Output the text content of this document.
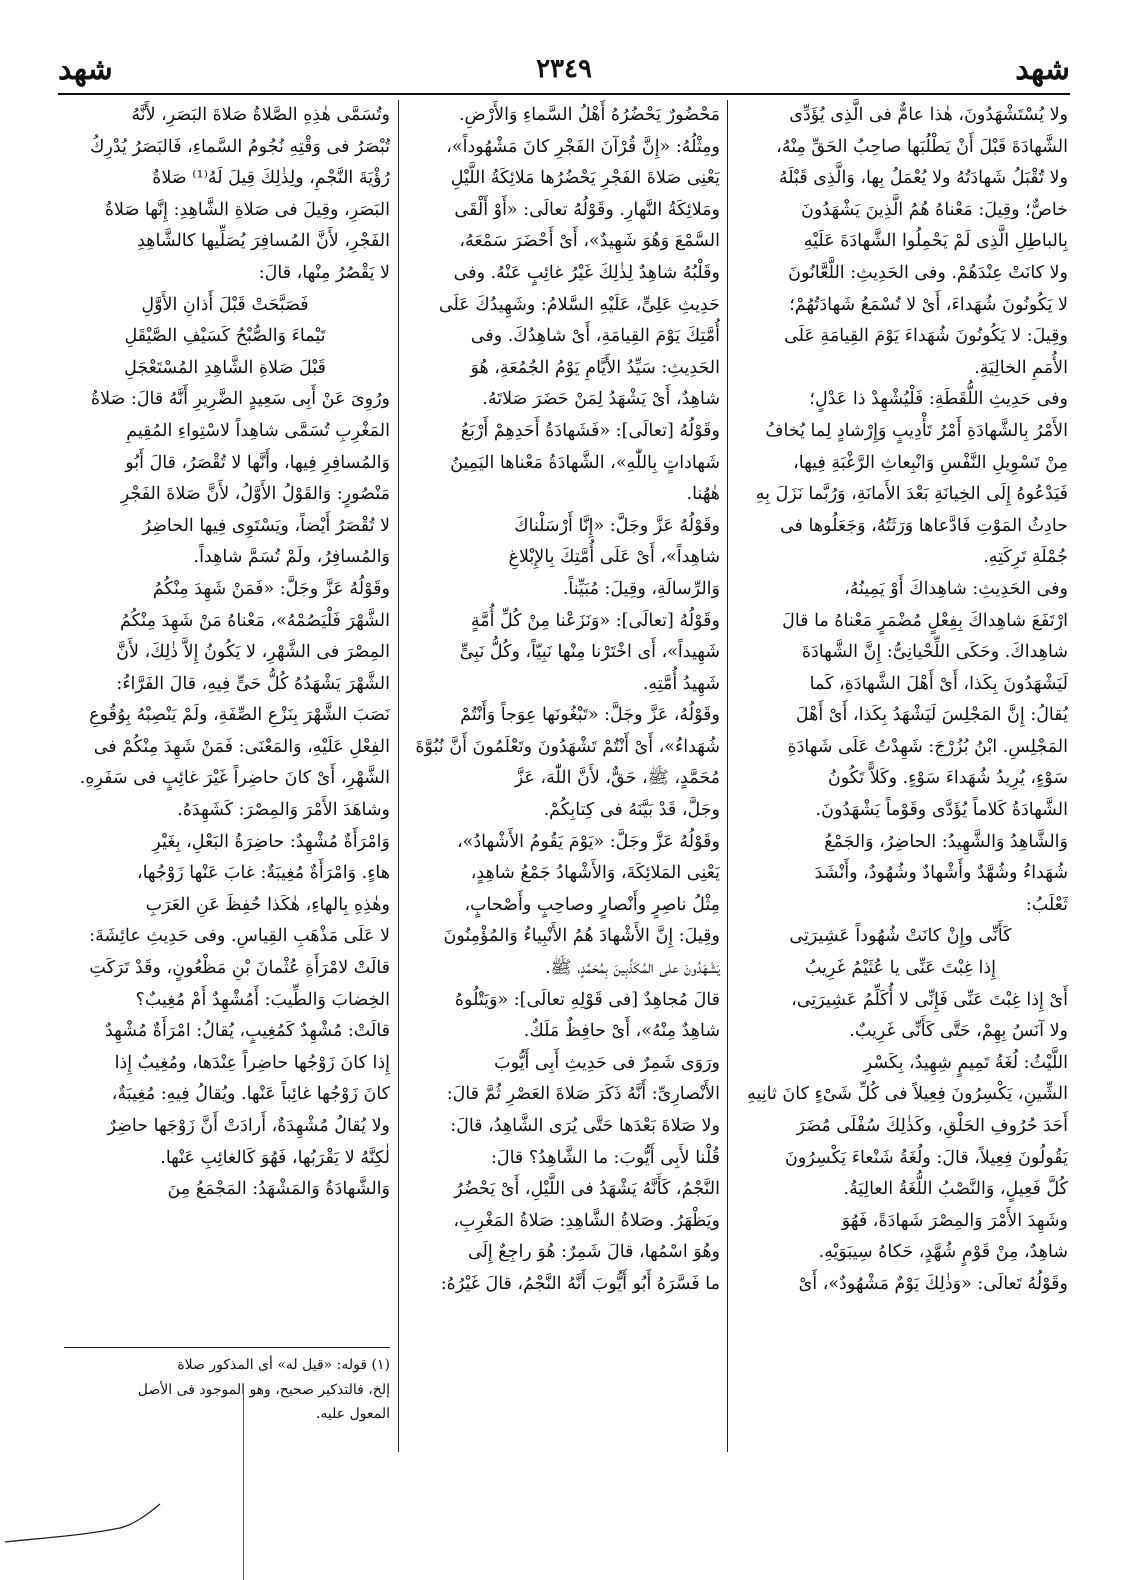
شهد	٢٣٤٩	شهد

ولا يُسْتَشْهَدُونَ، هٰذا عامٌّ فى الَّذِى يُؤَدِّى

الشَّهادَةَ قَبْلَ أَنْ يَطْلُبَها صاحِبُ الحَقِّ مِنْهُ،

ولا تُقْبَلُ شَهادَتُهُ ولا يُعْمَلُ بِها، وَالَّذِى قَبْلَهُ

خاصٌّ؛ وقِيلَ: مَعْناهُ هُمُ الَّذِينَ يَشْهَدُونَ

بِالباطِلِ الَّذِى لَمْ يَحْمِلُوا الشَّهادَةَ عَلَيْهِ

ولا كانَتْ عِنْدَهُمْ. وفى الحَدِيثِ: اللَّعَّانُونَ

لا يَكُونُونَ شُهَداءَ، أَىْ لا تُسْمَعُ شَهادَتُهُمْ؛

وقِيلَ: لا يَكُونُونَ شُهَداءَ يَوْمَ القِيامَةِ عَلَى

الأُمَمِ الخالِيَةِ.

وفى حَدِيثِ اللُّقَطَةِ: فَلْيُشْهِدْ ذا عَدْلٍ؛

الأَمْرُ بِالشَّهادَةِ أَمْرُ تَأْدِيبٍ وَإِرْشادٍ لِما يُخافُ

مِنْ تَسْوِيلِ النَّفْسِ وَانْبِعاثِ الرَّغْبَةِ فِيها،

فَيَدْعُوهُ إِلَى الخِيانَةِ بَعْدَ الأَمانَةِ، وَرُبَّما نَزَلَ بِهِ

حادِثُ المَوْتِ فَادَّعاها وَرَثَتُهُ، وَجَعَلُوها فى

جُمْلَةِ تَرِكَتِهِ.

وفى الحَدِيثِ: شاهِداكَ أَوْ يَمِينُهُ،

ارْتَفَعَ شاهِداكَ بِفِعْلٍ مُضْمَرٍ مَعْناهُ ما قالَ

شاهِداكَ. وحَكَى اللِّحْيانِىُّ: إِنَّ الشَّهادَةَ

لَيَشْهَدُونَ بِكَذا، أَىْ أَهْلَ الشَّهادَةِ، كَما

يُقالُ: إِنَّ المَجْلِسَ لَيَشْهَدُ بِكَذا، أَىْ أَهْلَ

المَجْلِسِ. ابْنُ بُزُرْجَ: شَهِدْتُ عَلَى شَهادَةِ

سَوْءٍ، يُرِيدُ شُهَداءَ سَوْءٍ. وكَلاًّ تَكُونُ

الشَّهادَةُ كَلاماً يُؤَدَّى وقَوْماً يَشْهَدُونَ.

وَالشَّاهِدُ وَالشَّهِيدُ: الحاضِرُ، وَالجَمْعُ

شُهَداءُ وشُهَّدٌ وأَشْهادٌ وشُهُودٌ، وأَنْشَدَ

ثَعْلَبُ:

كَأَنِّى وإِنْ كانَتْ شُهُوداً عَشِيرَتِى

إِذا غِبْتَ عَنِّى يا عُثَيْمُ غَرِيبُ

أَىْ إِذا غِبْتَ عَنِّى فَإِنِّى لا أُكَلِّمُ عَشِيرَتِى،

ولا آنَسُ بِهِمْ، حَتَّى كَأَنِّى غَرِيبٌ.

اللَّيْثُ: لُغَةُ تَمِيمٍ شِهِيدٌ، بِكَسْرِ

الشِّينِ، يَكْسِرُونَ فِعِيلاً فى كُلِّ شَىْءٍ كانَ ثانِيهِ

أَحَدَ حُرُوفِ الحَلْقِ، وكَذٰلِكَ سُفْلَى مُضَرَ

يَقُولُونَ فِعِيلاً، قالَ: ولُغَةُ شَنْعاءَ يَكْسِرُونَ

كُلَّ فَعِيلٍ، وَالنَّصْبُ اللُّغَةُ العالِيَةُ.

وشَهِدَ الأَمْرَ وَالمِصْرَ شَهادَةً، فَهُوَ

شاهِدٌ، مِنْ قَوْمٍ شُهَّدٍ، حَكاهُ سِيبَوَيْهِ.

وقَوْلُهُ تَعالَى: «وَذٰلِكَ يَوْمٌ مَشْهُودٌ»، أَىْ

مَحْضُورٌ يَحْضُرُهُ أَهْلُ السَّماءِ وَالأَرْضِ.

ومِثْلُهُ: «إِنَّ قُرْآنَ الفَجْرِ كانَ مَشْهُوداً»،

يَعْنِى صَلاةَ الفَجْرِ يَحْضُرُها مَلائِكَةُ اللَّيْلِ

ومَلائِكَةُ النَّهارِ. وقَوْلُهُ تعالَى: «أَوْ أَلْقَى

السَّمْعَ وَهُوَ شَهِيدٌ»، أَىْ أَحْضَرَ سَمْعَهُ،

وقَلْبُهُ شاهِدٌ لِذٰلِكَ غَيْرُ غائِبٍ عَنْهُ. وفى

حَدِيثِ عَلِىٍّ، عَلَيْهِ السَّلامُ: وشَهِيدُكَ عَلَى

أُمَّتِكَ يَوْمَ القِيامَةِ، أَىْ شاهِدُكَ. وفى

الحَدِيثِ: سَيِّدُ الأَيَّامِ يَوْمُ الجُمُعَةِ، هُوَ

شاهِدٌ، أَىْ يَشْهَدُ لِمَنْ حَضَرَ صَلاتَهُ.

وقَوْلُهُ [تعالَى]: «فَشَهادَةُ أَحَدِهِمْ أَرْبَعُ

شَهاداتٍ بِاللّٰهِ»، الشَّهادَةُ مَعْناها اليَمِينُ

هٰهُنا.

وقَوْلُهُ عَزَّ وجَلَّ: «إِنَّا أَرْسَلْناكَ

شاهِداً»، أَىْ عَلَى أُمَّتِكَ بِالإِبْلاغِ

وَالرِّسالَةِ، وقِيلَ: مُبَيِّناً.

وقَوْلُهُ [تعالَى]: «وَنَزَعْنا مِنْ كُلِّ أُمَّةٍ

شَهِيداً»، أَى اخْتَرْنا مِنْها نَبِيّاً، وكُلُّ نَبِىٍّ

شَهِيدُ أُمَّتِهِ.

وقَوْلُهُ، عَزَّ وجَلَّ: «تَبْغُونَها عِوَجاً وَأَنْتُمْ

شُهَداءُ»، أَىْ أَنْتُمْ تَشْهَدُونَ وتَعْلَمُونَ أَنَّ نُبُوَّةَ

مُحَمَّدٍ، ﷺ، حَقٌّ، لأَنَّ اللّٰهَ، عَزَّ

وجَلَّ، قَدْ بَيَّنَهُ فى كِتابِكُمْ.

وقَوْلُهُ عَزَّ وجَلَّ: «يَوْمَ يَقُومُ الأَشْهادُ»،

يَعْنِى المَلائِكَةَ، وَالأَشْهادُ جَمْعُ شاهِدٍ،

مِثْلُ ناصِرٍ وأَنْصارٍ وصاحِبٍ وأَصْحابٍ،

وقِيلَ: إِنَّ الأَشْهادَ هُمُ الأَنْبِياءُ وَالمُؤْمِنُونَ

يَشْهَدُونَ على المُكَذِّبِينَ بِمُحَمَّدٍ، ﷺ.

قالَ مُجاهِدٌ [فى قَوْلِهِ تعالَى]: «وَيَتْلُوهُ

شاهِدٌ مِنْهُ»، أَىْ حافِظٌ مَلَكٌ.

ورَوَى شَمِرٌ فى حَدِيثِ أَبِى أَيُّوبَ

الأَنْصارِىِّ: أَنَّهُ ذَكَرَ صَلاةَ العَصْرِ ثُمَّ قالَ:

ولا صَلاةَ بَعْدَها حَتَّى يُرَى الشَّاهِدُ، قالَ:

قُلْنا لأَبِى أَيُّوبَ: ما الشَّاهِدُ؟ قالَ:

النَّجْمُ، كَأَنَّهُ يَشْهَدُ فى اللَّيْلِ، أَىْ يَحْضُرُ

ويَظْهَرُ. وصَلاةُ الشَّاهِدِ: صَلاةُ المَغْرِبِ،

وهُوَ اسْمُها، قالَ شَمِرٌ: هُوَ راجِعٌ إِلَى

ما فَسَّرَهُ أَبُو أَيُّوبَ أَنَّهُ النَّجْمُ، قالَ غَيْرُهُ:

وتُسَمَّى هٰذِهِ الصَّلاةُ صَلاةَ البَصَرِ، لأَنَّهُ

تُبْصَرُ فى وَقْتِهِ نُجُومُ السَّماءِ، فَالبَصَرُ يُدْرِكُ

رُؤْيَةَ النَّجْمِ، ولِذٰلِكَ قِيلَ لَهُ⁽¹⁾ صَلاةُ

البَصَرِ، وقِيلَ فى صَلاةِ الشَّاهِدِ: إِنَّها صَلاةُ

الفَجْرِ، لأَنَّ المُسافِرَ يُصَلِّيها كالشَّاهِدِ

لا يَقْصُرُ مِنْها، قالَ:

فَصَبَّحَتْ قَبْلَ أَذانِ الأَوَّلِ

تَيْماءَ وَالصُّبْحُ كَسَيْفِ الصَّيْقَلِ

قَبْلَ صَلاةِ الشَّاهِدِ المُسْتَعْجَلِ

ورُوِىَ عَنْ أَبِى سَعِيدٍ الضَّرِيرِ أَنَّهُ قالَ: صَلاةُ

المَغْرِبِ تُسَمَّى شاهِداً لاسْتِواءِ المُقِيمِ

وَالمُسافِرِ فِيها، وأَنَّها لا تُقْصَرُ، قالَ أَبُو

مَنْصُورٍ: وَالقَوْلُ الأَوَّلُ، لأَنَّ صَلاةَ الفَجْرِ

لا تُقْصَرُ أَيْضاً، ويَسْتَوِى فِيها الحاضِرُ

وَالمُسافِرُ، ولَمْ تُسَمَّ شاهِداً.

وقَوْلُهُ عَزَّ وجَلَّ: «فَمَنْ شَهِدَ مِنْكُمُ

الشَّهْرَ فَلْيَصُمْهُ»، مَعْناهُ مَنْ شَهِدَ مِنْكُمُ

المِصْرَ فى الشَّهْرِ، لا يَكُونُ إِلاَّ ذٰلِكَ، لأَنَّ

الشَّهْرَ يَشْهَدُهُ كُلُّ حَىٍّ فِيهِ، قالَ الفَرَّاءُ:

نَصَبَ الشَّهْرَ بِنَزْعِ الصِّفَةِ، ولَمْ يَنْصِبْهُ بِوُقُوعِ

الفِعْلِ عَلَيْهِ، وَالمَعْنَى: فَمَنْ شَهِدَ مِنْكُمْ فى

الشَّهْرِ، أَىْ كانَ حاضِراً غَيْرَ غائِبٍ فى سَفَرِهِ.

وشاهَدَ الأَمْرَ وَالمِصْرَ: كَشَهِدَهُ.

وَامْرَأَةٌ مُشْهِدٌ: حاضِرَةُ البَعْلِ، بِغَيْرِ

هاءٍ. وَامْرَأَةٌ مُغِيبَةٌ: غابَ عَنْها زَوْجُها،

وهٰذِهِ بِالهاءِ، هٰكَذا حُفِظَ عَنِ العَرَبِ

لا عَلَى مَذْهَبِ القِياسِ. وفى حَدِيثِ عائِشَةَ:

قالَتْ لامْرَأَةِ عُثْمانَ بْنِ مَظْعُونٍ، وقَدْ تَرَكَتِ

الخِضابَ وَالطِّيبَ: أَمُشْهِدٌ أَمْ مُغِيبٌ؟

قالَتْ: مُشْهِدٌ كَمُغِيبٍ، يُقالُ: امْرَأَةٌ مُشْهِدٌ

إِذا كانَ زَوْجُها حاضِراً عِنْدَها، ومُغِيبٌ إِذا

كانَ زَوْجُها غائِباً عَنْها. ويُقالُ فِيهِ: مُغِيبَةٌ،

ولا يُقالُ مُشْهِدَةٌ، أَرادَتْ أَنَّ زَوْجَها حاضِرٌ

لٰكِنَّهُ لا يَقْرَبُها، فَهُوَ كَالغائِبِ عَنْها.

وَالشَّهادَةُ وَالمَشْهَدُ: المَجْمَعُ مِنَ

(١) قوله: «قيل له» أى المذكور صلاة

إلخ، فالتذكير صحيح، وهو الموجود فى الأصل

المعول عليه.
